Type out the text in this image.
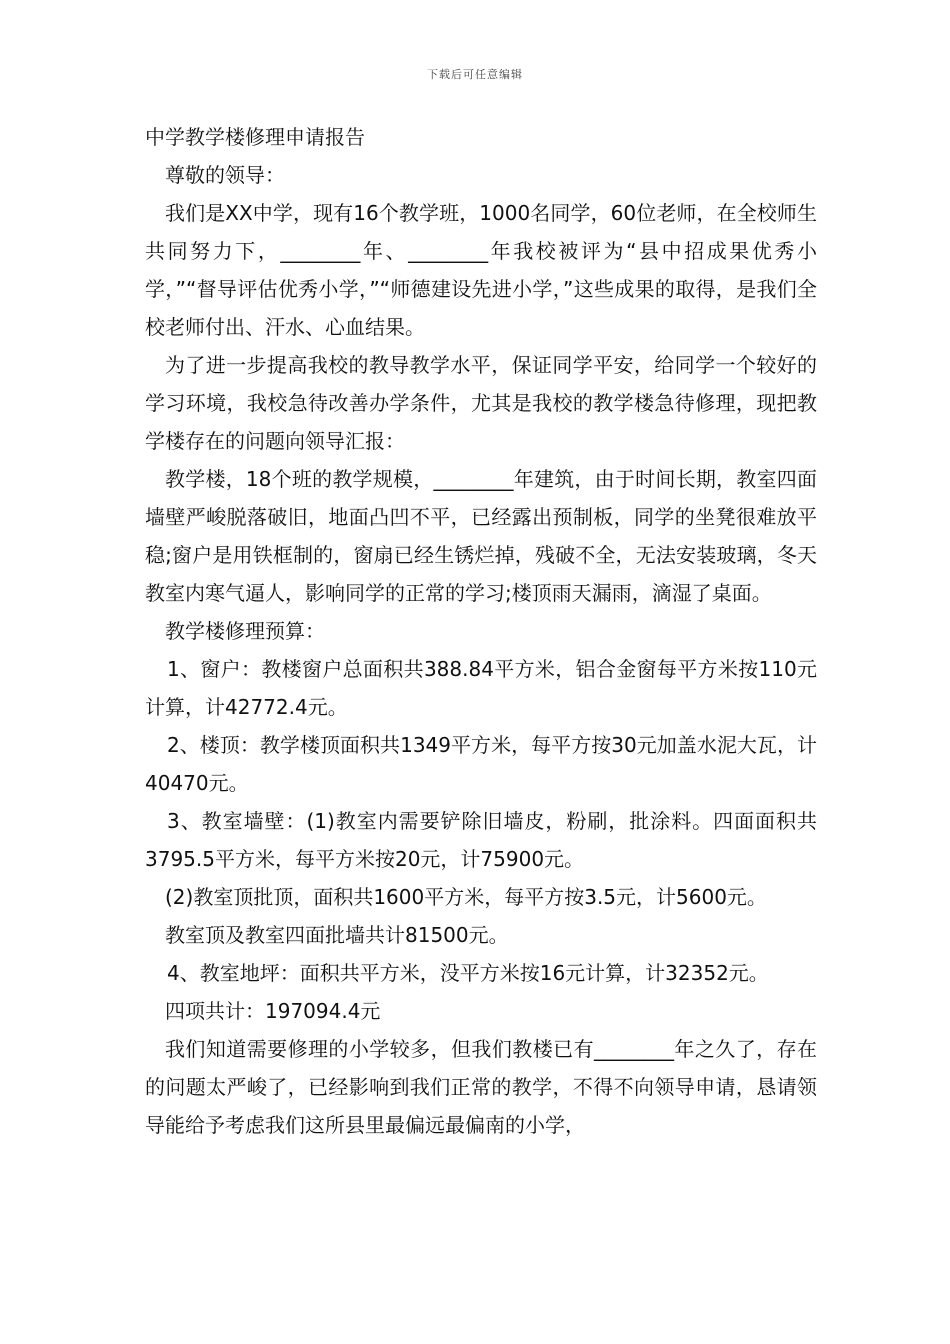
下载后可任意编辑

中学教学楼修理申请报告

尊敬的领导：

我们是XX中学，现有16个教学班，1000名同学，60位老师，在全校师生共同努力下，________年、________年我校被评为“县中招成果优秀小学，”“督导评估优秀小学，”“师德建设先进小学，”这些成果的取得，是我们全校老师付出、汗水、心血结果。

为了进一步提高我校的教导教学水平，保证同学平安，给同学一个较好的学习环境，我校急待改善办学条件，尤其是我校的教学楼急待修理，现把教学楼存在的问题向领导汇报：

教学楼，18个班的教学规模，________年建筑，由于时间长期，教室四面墙壁严峻脱落破旧，地面凸凹不平，已经露出预制板，同学的坐凳很难放平稳;窗户是用铁框制的，窗扇已经生锈烂掉，残破不全，无法安装玻璃，冬天教室内寒气逼人，影响同学的正常的学习;楼顶雨天漏雨，滴湿了桌面。

教学楼修理预算：

1、窗户：教楼窗户总面积共388.84平方米，铝合金窗每平方米按110元计算，计42772.4元。

2、楼顶：教学楼顶面积共1349平方米，每平方按30元加盖水泥大瓦，计40470元。

3、教室墙壁：(1)教室内需要铲除旧墙皮，粉刷，批涂料。四面面积共3795.5平方米，每平方米按20元，计75900元。

(2)教室顶批顶，面积共1600平方米，每平方按3.5元，计5600元。

教室顶及教室四面批墙共计81500元。

4、教室地坪：面积共平方米，没平方米按16元计算，计32352元。

四项共计：197094.4元

我们知道需要修理的小学较多，但我们教楼已有________年之久了，存在的问题太严峻了，已经影响到我们正常的教学，不得不向领导申请，恳请领导能给予考虑我们这所县里最偏远最偏南的小学，
